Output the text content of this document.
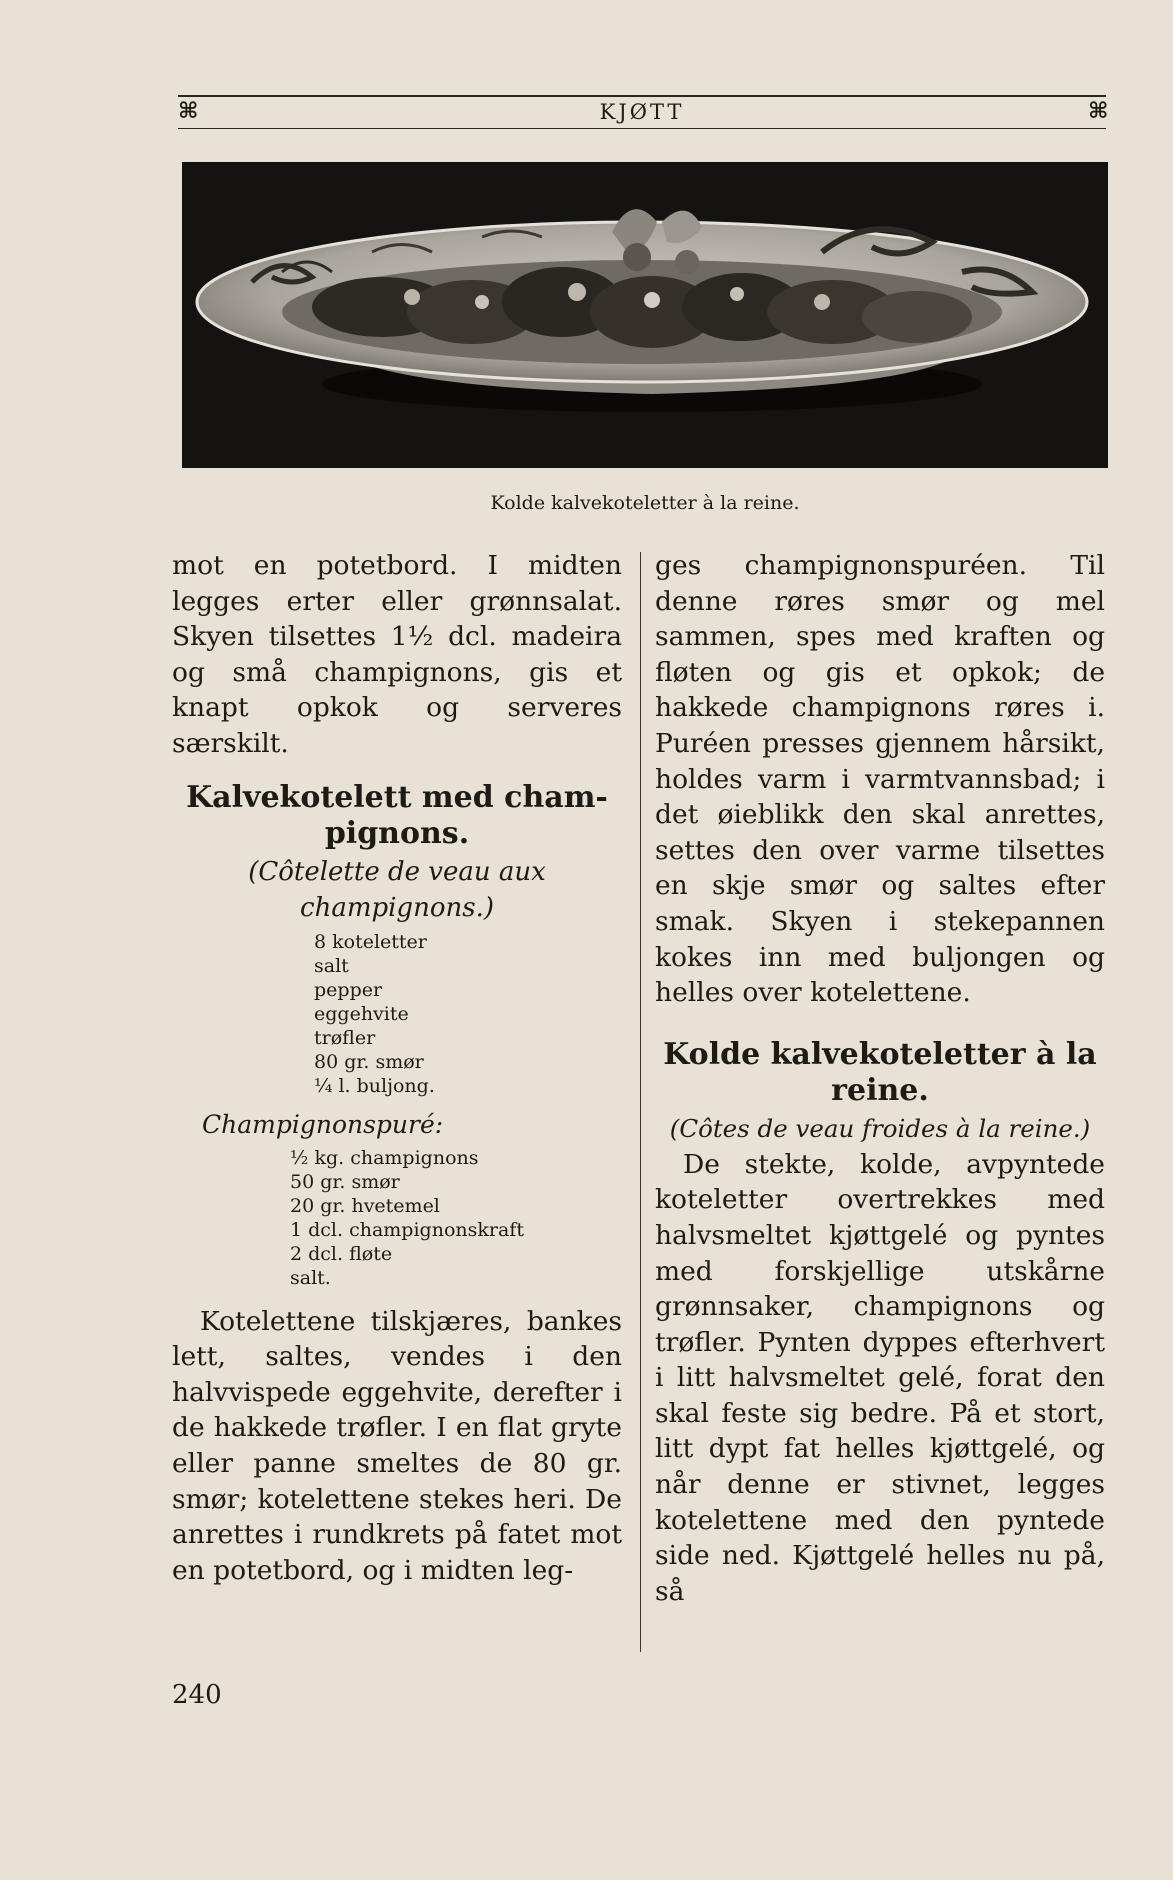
⌘	KJØTT	⌘
Kolde kalvekoteletter à la reine.

mot en potetbord. I midten legges erter eller grønnsalat. Skyen tilsettes 1½ dcl. madeira og små champignons, gis et knapt opkok og serveres særskilt.

Kalvekotelett med cham-
pignons.
(Côtelette de veau aux
champignons.)
8 koteletter
salt
pepper
eggehvite
trøfler
80 gr. smør
¼ l. buljong.
Champignonspuré:
½ kg. champignons
50 gr. smør
20 gr. hvetemel
1 dcl. champignonskraft
2 dcl. fløte
salt.

Kotelettene tilskjæres, bankes lett, saltes, vendes i den halvvispede eggehvite, derefter i de hakkede trøfler. I en flat gryte eller panne smeltes de 80 gr. smør; kotelettene stekes heri. De anrettes i rundkrets på fatet mot en potetbord, og i midten leg-

ges champignonspuréen. Til denne røres smør og mel sammen, spes med kraften og fløten og gis et opkok; de hakkede champignons røres i. Puréen presses gjennem hårsikt, holdes varm i varmtvannsbad; i det øieblikk den skal anrettes, settes den over varme tilsettes en skje smør og saltes efter smak. Skyen i stekepannen kokes inn med buljongen og helles over kotelettene.

Kolde kalvekoteletter à la
reine.
(Côtes de veau froides à la reine.)

De stekte, kolde, avpyntede koteletter overtrekkes med halvsmeltet kjøttgelé og pyntes med forskjellige utskårne grønnsaker, champignons og trøfler. Pynten dyppes efterhvert i litt halvsmeltet gelé, forat den skal feste sig bedre. På et stort, litt dypt fat helles kjøttgelé, og når denne er stivnet, legges kotelettene med den pyntede side ned. Kjøttgelé helles nu på, så

240
